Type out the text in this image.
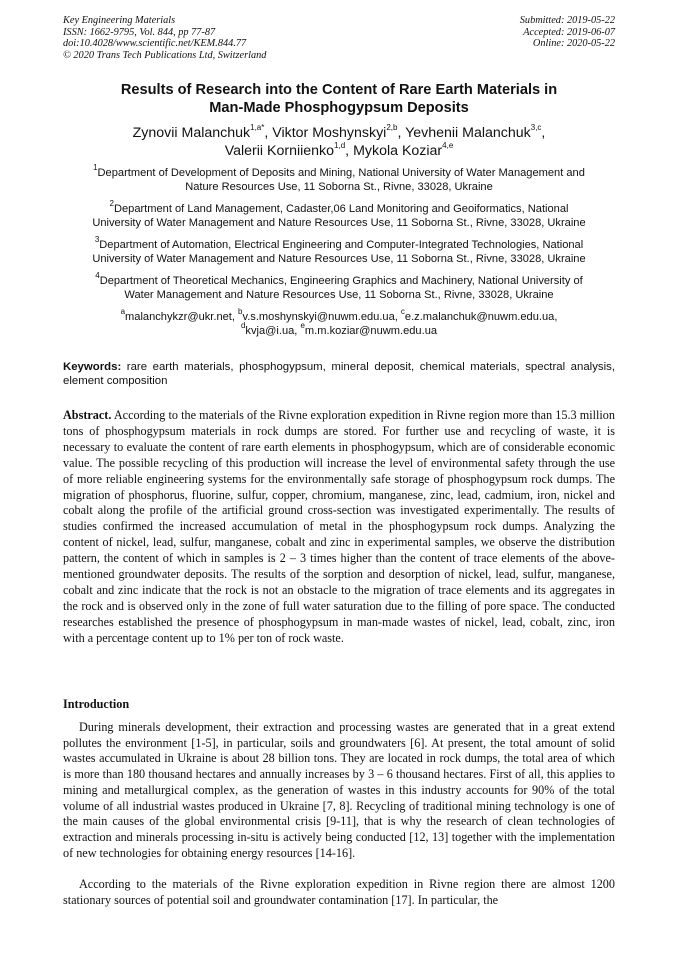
Key Engineering Materials
ISSN: 1662-9795, Vol. 844, pp 77-87
doi:10.4028/www.scientific.net/KEM.844.77
© 2020 Trans Tech Publications Ltd, Switzerland
Submitted: 2019-05-22
Accepted: 2019-06-07
Online: 2020-05-22
Results of Research into the Content of Rare Earth Materials in
Man-Made Phosphogypsum Deposits
Zynovii Malanchuk$^{1,a*}$, Viktor Moshynskyi$^{2,b}$, Yevhenii Malanchuk$^{3,c}$,
Valerii Korniienko$^{1,d}$, Mykola Koziar$^{4,e}$
$^1$Department of Development of Deposits and Mining, National University of Water Management and
Nature Resources Use, 11 Soborna St., Rivne, 33028, Ukraine
$^2$Department of Land Management, Cadaster,06 Land Monitoring and Geoiformatics, National
University of Water Management and Nature Resources Use, 11 Soborna St., Rivne, 33028, Ukraine
$^3$Department of Automation, Electrical Engineering and Computer-Integrated Technologies, National
University of Water Management and Nature Resources Use, 11 Soborna St., Rivne, 33028, Ukraine
$^4$Department of Theoretical Mechanics, Engineering Graphics and Machinery, National University of
Water Management and Nature Resources Use, 11 Soborna St., Rivne, 33028, Ukraine
$^a$malanchykzr@ukr.net, $^b$v.s.moshynskyi@nuwm.edu.ua, $^c$e.z.malanchuk@nuwm.edu.ua,
$^d$kvja@i.ua, $^e$m.m.koziar@nuwm.edu.ua
Keywords: rare earth materials, phosphogypsum, mineral deposit, chemical materials, spectral analysis, element composition
Abstract. According to the materials of the Rivne exploration expedition in Rivne region more than 15.3 million tons of phosphogypsum materials in rock dumps are stored. For further use and recycling of waste, it is necessary to evaluate the content of rare earth elements in phosphogypsum, which are of considerable economic value. The possible recycling of this production will increase the level of environmental safety through the use of more reliable engineering systems for the environmentally safe storage of phosphogypsum rock dumps. The migration of phosphorus, fluorine, sulfur, copper, chromium, manganese, zinc, lead, cadmium, iron, nickel and cobalt along the profile of the artificial ground cross-section was investigated experimentally. The results of studies confirmed the increased accumulation of metal in the phosphogypsum rock dumps. Analyzing the content of nickel, lead, sulfur, manganese, cobalt and zinc in experimental samples, we observe the distribution pattern, the content of which in samples is 2 – 3 times higher than the content of trace elements of the above-mentioned groundwater deposits. The results of the sorption and desorption of nickel, lead, sulfur, manganese, cobalt and zinc indicate that the rock is not an obstacle to the migration of trace elements and its aggregates in the rock and is observed only in the zone of full water saturation due to the filling of pore space. The conducted researches established the presence of phosphogypsum in man-made wastes of nickel, lead, cobalt, zinc, iron with a percentage content up to 1% per ton of rock waste.
Introduction

During minerals development, their extraction and processing wastes are generated that in a great extend pollutes the environment [1-5], in particular, soils and groundwaters [6]. At present, the total amount of solid wastes accumulated in Ukraine is about 28 billion tons. They are located in rock dumps, the total area of which is more than 180 thousand hectares and annually increases by 3 – 6 thousand hectares. First of all, this applies to mining and metallurgical complex, as the generation of wastes in this industry accounts for 90% of the total volume of all industrial wastes produced in Ukraine [7, 8]. Recycling of traditional mining technology is one of the main causes of the global environmental crisis [9-11], that is why the research of clean technologies of extraction and minerals processing in-situ is actively being conducted [12, 13] together with the implementation of new technologies for obtaining energy resources [14-16].

According to the materials of the Rivne exploration expedition in Rivne region there are almost 1200 stationary sources of potential soil and groundwater contamination [17]. In particular, the
